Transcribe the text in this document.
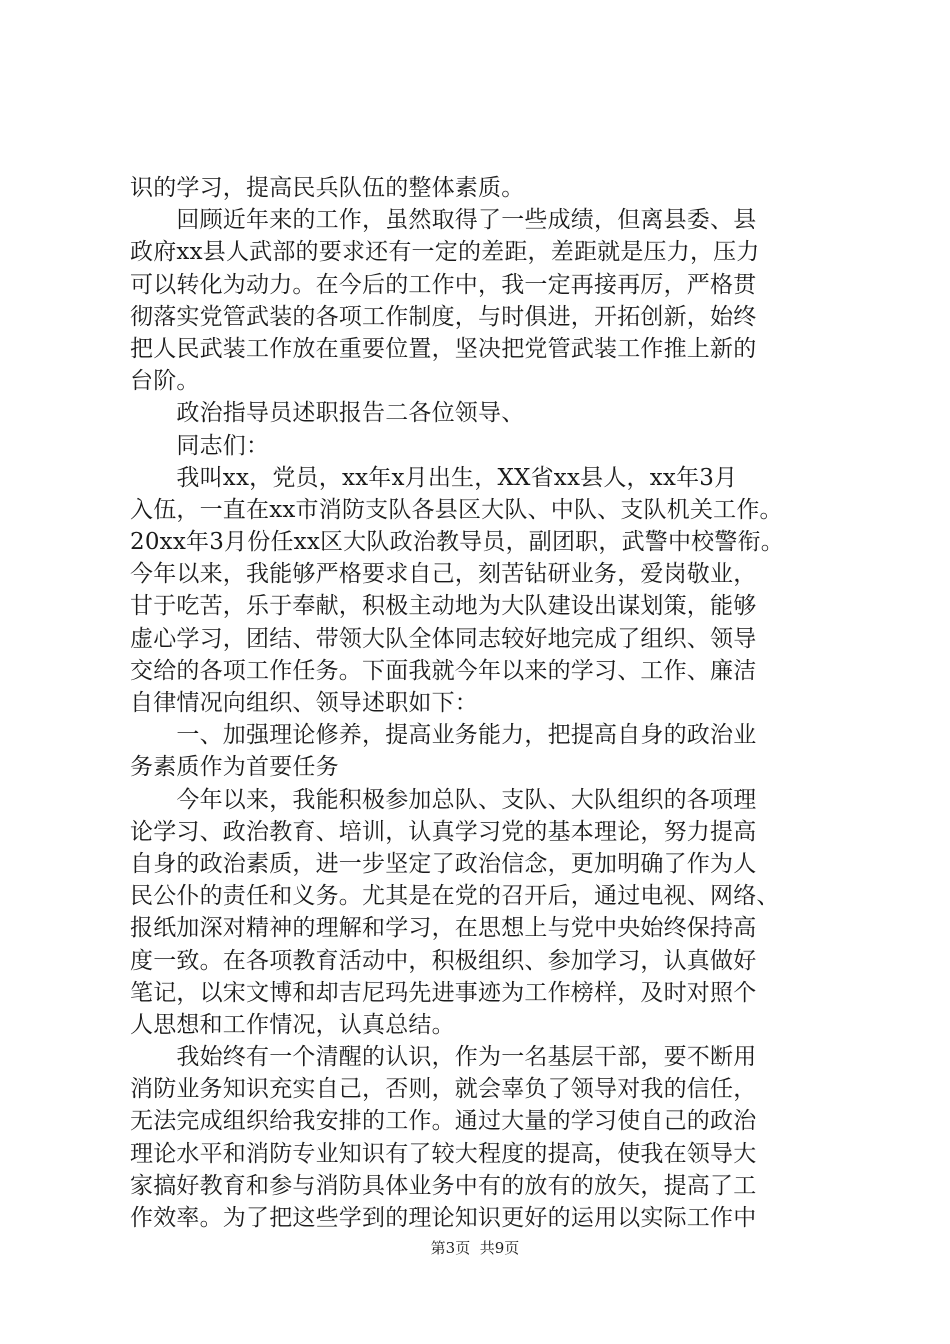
识的学习，提高民兵队伍的整体素质。
　　回顾近年来的工作，虽然取得了一些成绩，但离县委、县
政府xx县人武部的要求还有一定的差距，差距就是压力，压力
可以转化为动力。在今后的工作中，我一定再接再厉，严格贯
彻落实党管武装的各项工作制度，与时俱进，开拓创新，始终
把人民武装工作放在重要位置，坚决把党管武装工作推上新的
台阶。
　　政治指导员述职报告二各位领导、
　　同志们：
　　我叫xx，党员，xx年x月出生，XX省xx县人，xx年3月
入伍，一直在xx市消防支队各县区大队、中队、支队机关工作。
20xx年3月份任xx区大队政治教导员，副团职，武警中校警衔。
今年以来，我能够严格要求自己，刻苦钻研业务，爱岗敬业，
甘于吃苦，乐于奉献，积极主动地为大队建设出谋划策，能够
虚心学习，团结、带领大队全体同志较好地完成了组织、领导
交给的各项工作任务。下面我就今年以来的学习、工作、廉洁
自律情况向组织、领导述职如下：
　　一、加强理论修养，提高业务能力，把提高自身的政治业
务素质作为首要任务
　　今年以来，我能积极参加总队、支队、大队组织的各项理
论学习、政治教育、培训，认真学习党的基本理论，努力提高
自身的政治素质，进一步坚定了政治信念，更加明确了作为人
民公仆的责任和义务。尤其是在党的召开后，通过电视、网络、
报纸加深对精神的理解和学习，在思想上与党中央始终保持高
度一致。在各项教育活动中，积极组织、参加学习，认真做好
笔记，以宋文博和却吉尼玛先进事迹为工作榜样，及时对照个
人思想和工作情况，认真总结。
　　我始终有一个清醒的认识，作为一名基层干部，要不断用
消防业务知识充实自己，否则，就会辜负了领导对我的信任，
无法完成组织给我安排的工作。通过大量的学习使自己的政治
理论水平和消防专业知识有了较大程度的提高，使我在领导大
家搞好教育和参与消防具体业务中有的放有的放矢，提高了工
作效率。为了把这些学到的理论知识更好的运用以实际工作中
第3页 共9页
